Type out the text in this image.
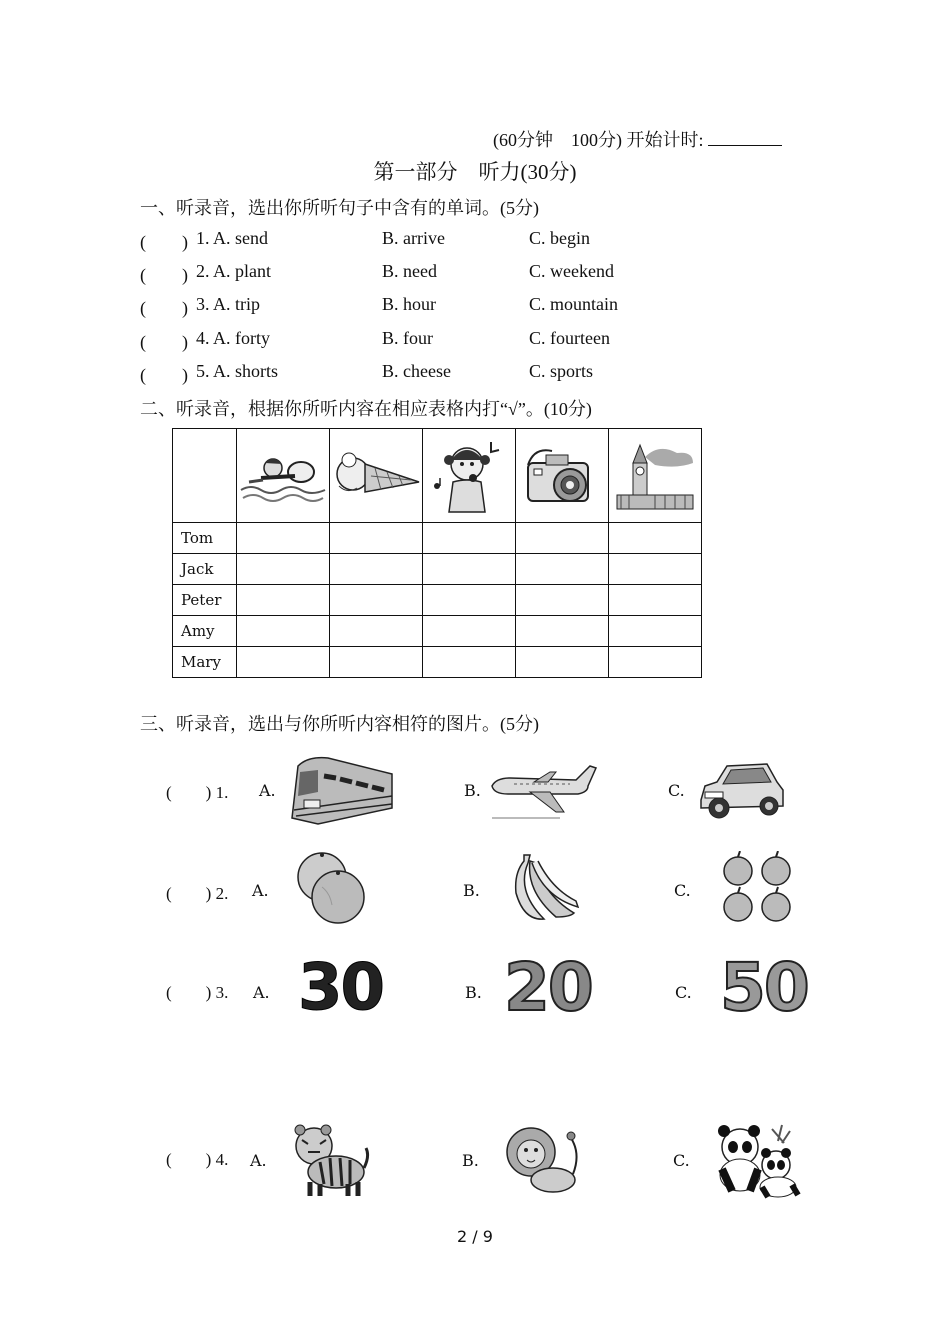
(60分钟　100分) 开始计时:
第一部分　听力(30分)
一、听录音，选出你所听句子中含有的单词。(5分)
(　　) 1. A. send	B. arrive	C. begin
(　　) 2. A. plant	B. need	C. weekend
(　　) 3. A. trip	B. hour	C. mountain
(　　) 4. A. forty	B. four	C. fourteen
(　　) 5. A. shorts	B. cheese	C. sports
二、听录音，根据你所听内容在相应表格内打“√”。(10分)

Tom					
Jack					
Peter					
Amy					
Mary					
三、听录音，选出与你所听内容相符的图片。(5分)
(　　) 1. A.	B.	C.
(　　) 2. A.	B.	C.
(　　) 3. A. 30	B. 20	C. 50
(　　) 4. A.	B.	C.
2 / 9
